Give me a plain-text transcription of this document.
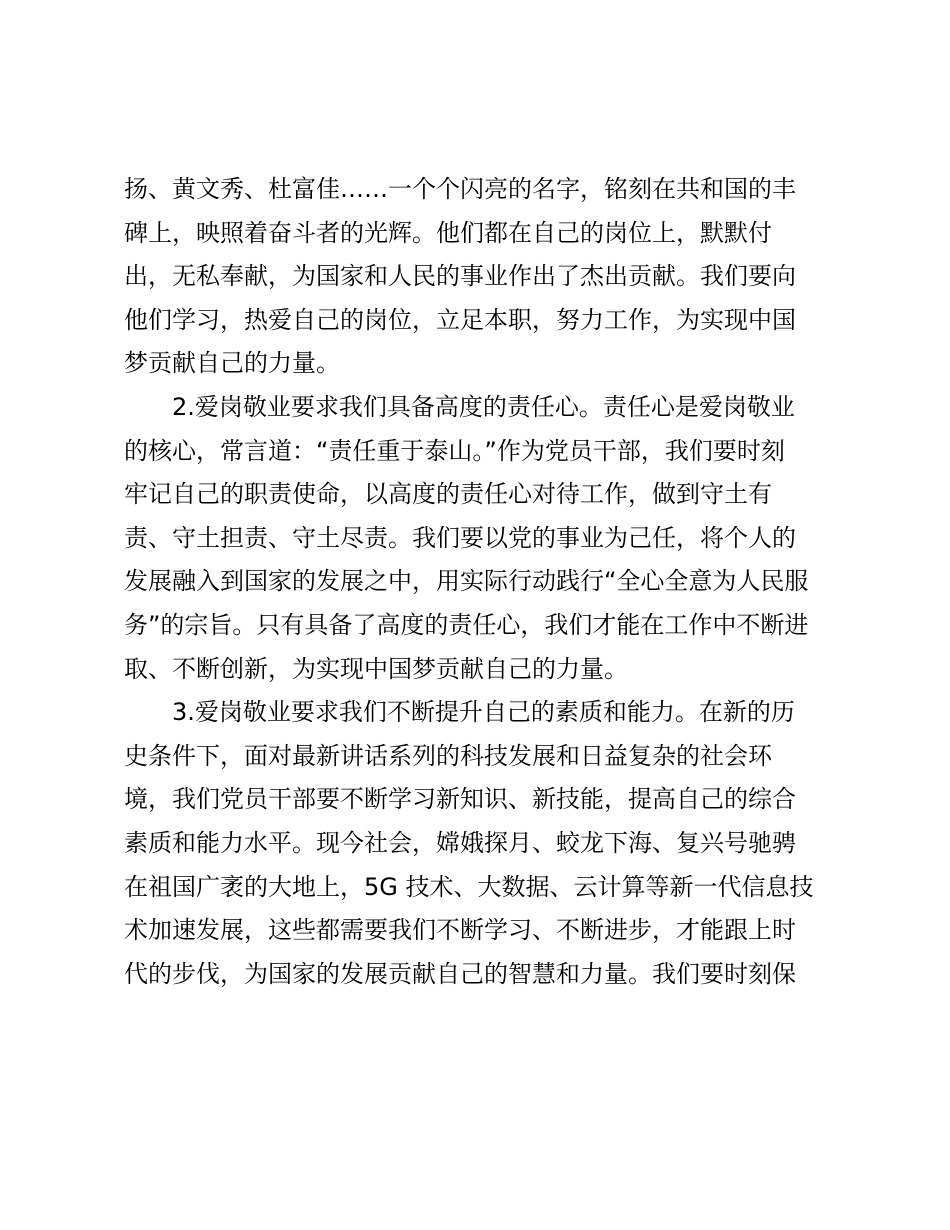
扬、黄文秀、杜富佳……一个个闪亮的名字，铭刻在共和国的丰

碑上，映照着奋斗者的光辉。他们都在自己的岗位上，默默付

出，无私奉献，为国家和人民的事业作出了杰出贡献。我们要向

他们学习，热爱自己的岗位，立足本职，努力工作，为实现中国

梦贡献自己的力量。

2.爱岗敬业要求我们具备高度的责任心。责任心是爱岗敬业

的核心，常言道：“责任重于泰山。”作为党员干部，我们要时刻

牢记自己的职责使命，以高度的责任心对待工作，做到守土有

责、守土担责、守土尽责。我们要以党的事业为己任，将个人的

发展融入到国家的发展之中，用实际行动践行“全心全意为人民服

务”的宗旨。只有具备了高度的责任心，我们才能在工作中不断进

取、不断创新，为实现中国梦贡献自己的力量。

3.爱岗敬业要求我们不断提升自己的素质和能力。在新的历

史条件下，面对最新讲话系列的科技发展和日益复杂的社会环

境，我们党员干部要不断学习新知识、新技能，提高自己的综合

素质和能力水平。现今社会，嫦娥探月、蛟龙下海、复兴号驰骋

在祖国广袤的大地上，5G 技术、大数据、云计算等新一代信息技

术加速发展，这些都需要我们不断学习、不断进步，才能跟上时

代的步伐，为国家的发展贡献自己的智慧和力量。我们要时刻保
